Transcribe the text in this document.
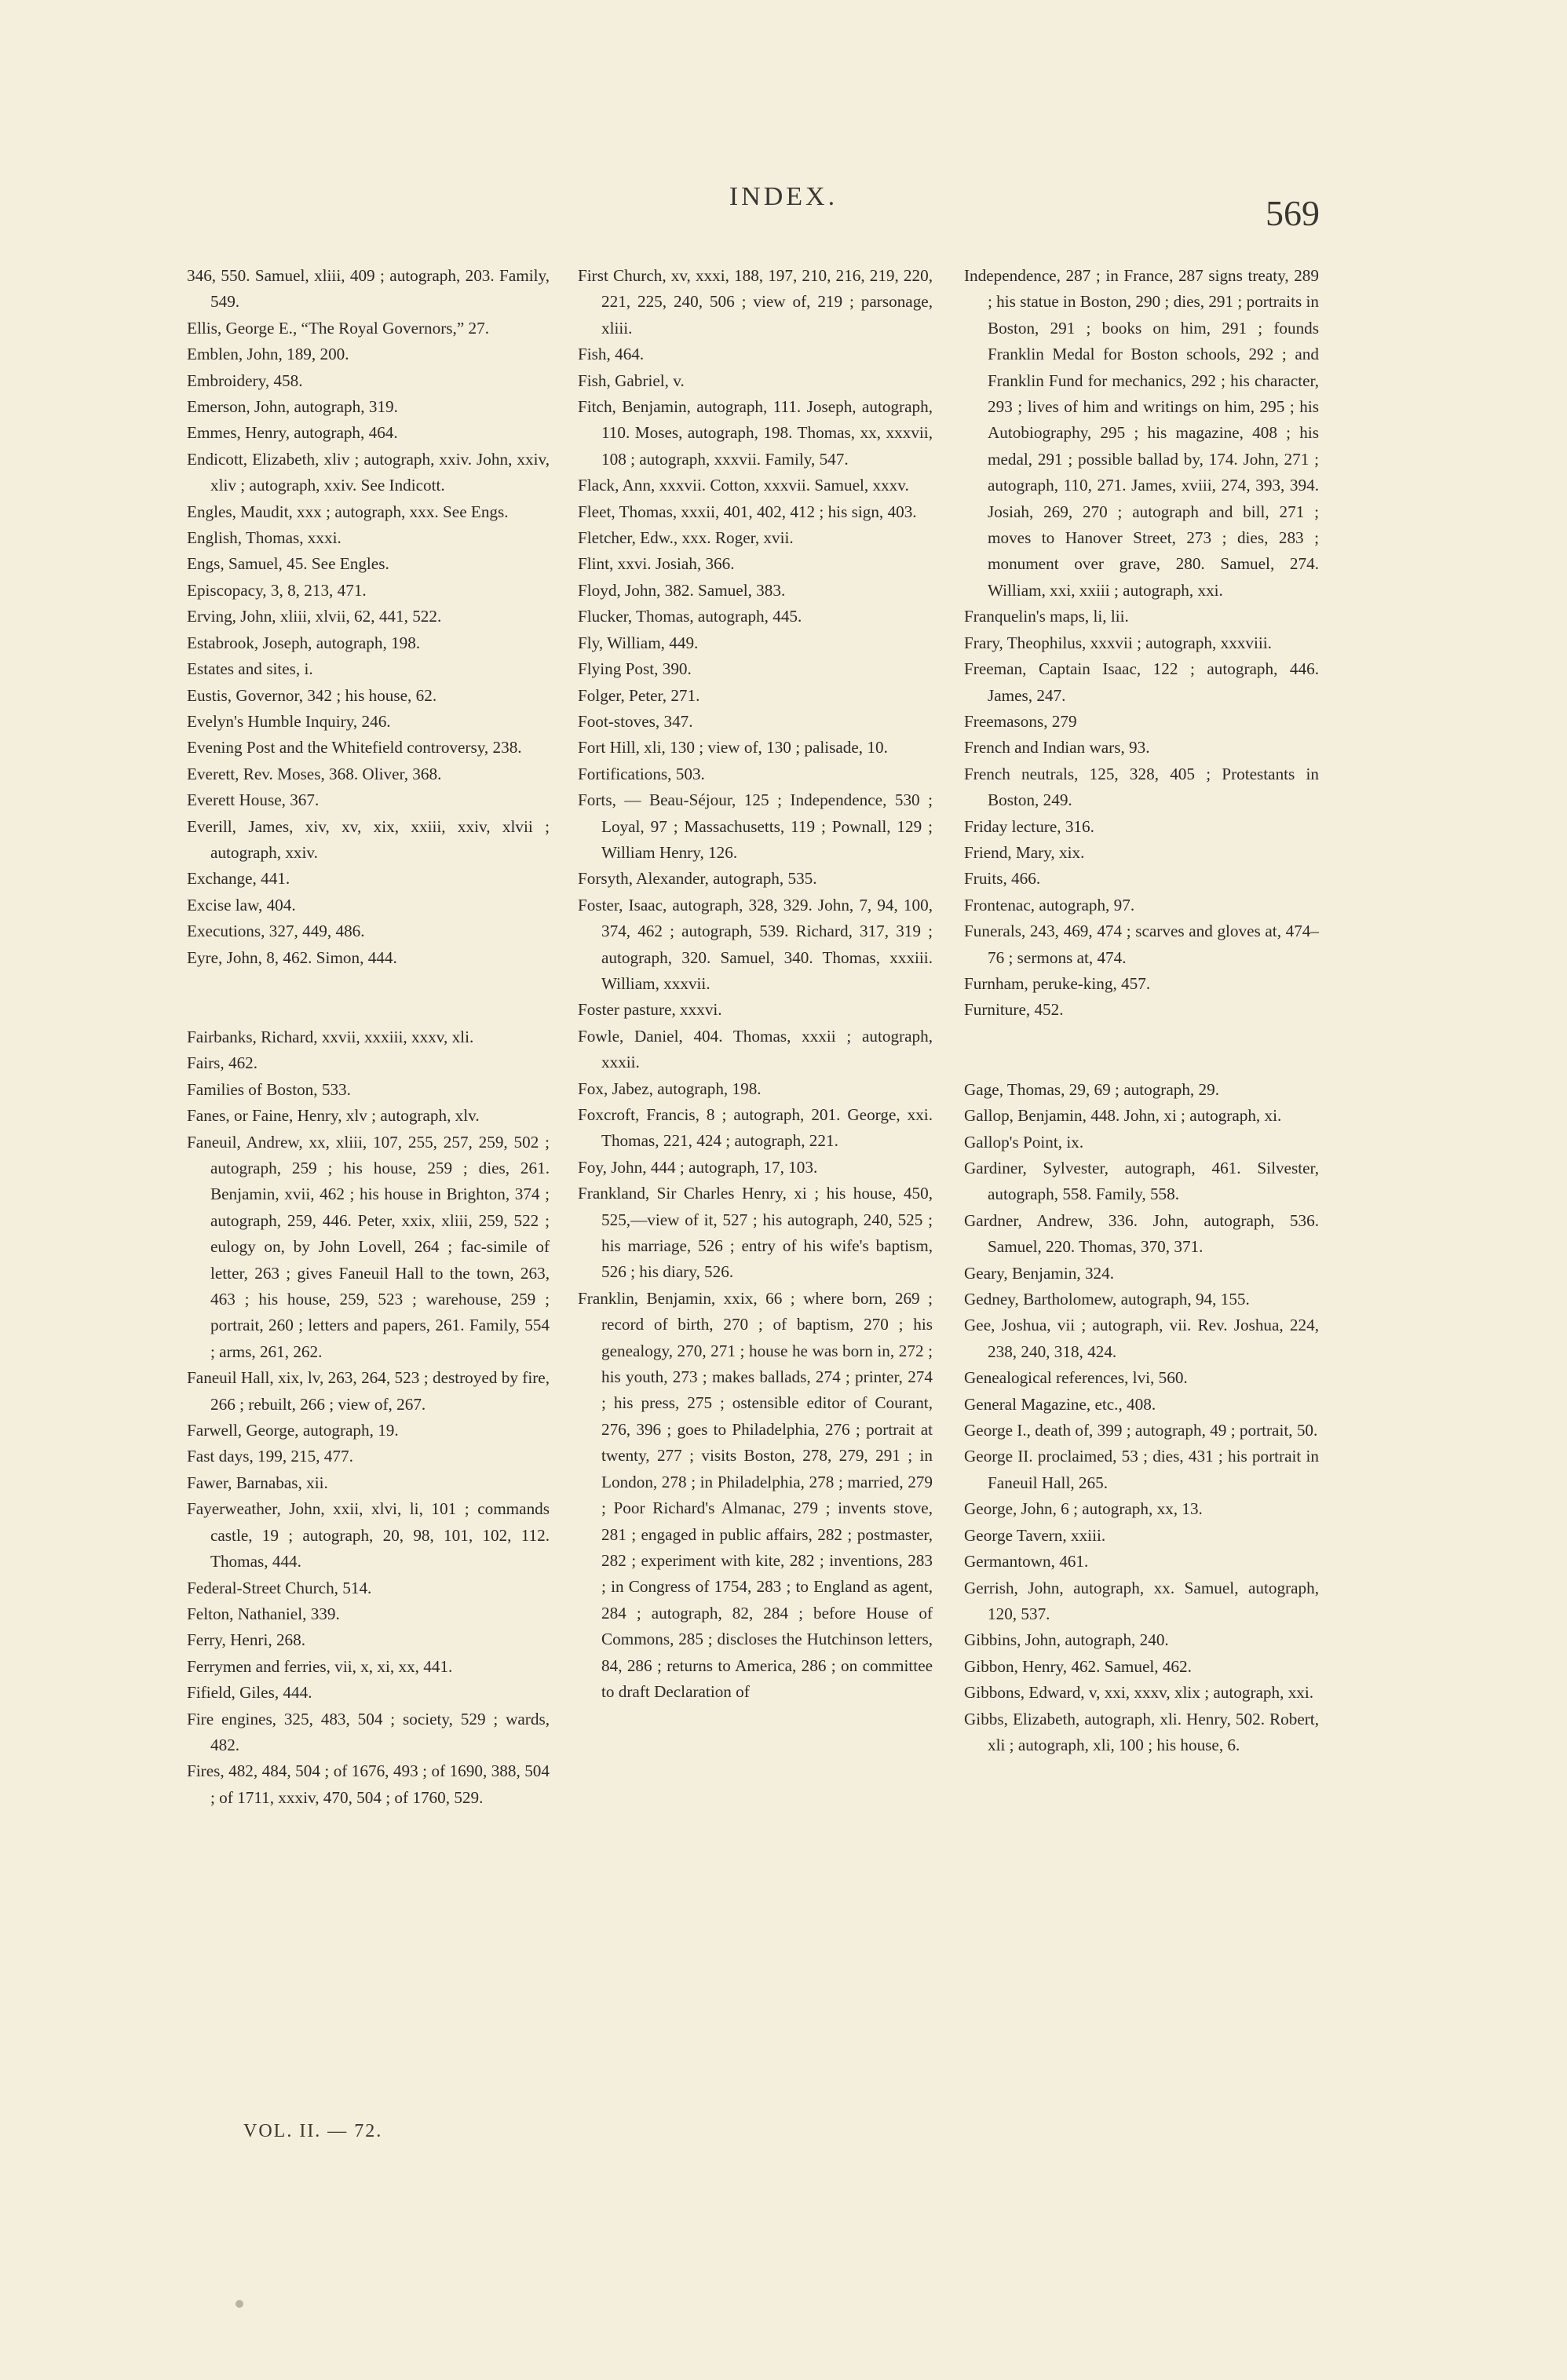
INDEX.	569
346, 550. Samuel, xliii, 409 ; autograph, 203. Family, 549.
Ellis, George E., “The Royal Governors,” 27.
Emblen, John, 189, 200.
Embroidery, 458.
Emerson, John, autograph, 319.
Emmes, Henry, autograph, 464.
Endicott, Elizabeth, xliv ; autograph, xxiv. John, xxiv, xliv ; autograph, xxiv. See Indicott.
Engles, Maudit, xxx ; autograph, xxx. See Engs.
English, Thomas, xxxi.
Engs, Samuel, 45. See Engles.
Episcopacy, 3, 8, 213, 471.
Erving, John, xliii, xlvii, 62, 441, 522.
Estabrook, Joseph, autograph, 198.
Estates and sites, i.
Eustis, Governor, 342 ; his house, 62.
Evelyn's Humble Inquiry, 246.
Evening Post and the Whitefield controversy, 238.
Everett, Rev. Moses, 368. Oliver, 368.
Everett House, 367.
Everill, James, xiv, xv, xix, xxiii, xxiv, xlvii ; autograph, xxiv.
Exchange, 441.
Excise law, 404.
Executions, 327, 449, 486.
Eyre, John, 8, 462. Simon, 444.
Fairbanks, Richard, xxvii, xxxiii, xxxv, xli.
Fairs, 462.
Families of Boston, 533.
Fanes, or Faine, Henry, xlv ; autograph, xlv.
Faneuil, Andrew, xx, xliii, 107, 255, 257, 259, 502 ; autograph, 259 ; his house, 259 ; dies, 261. Benjamin, xvii, 462 ; his house in Brighton, 374 ; autograph, 259, 446. Peter, xxix, xliii, 259, 522 ; eulogy on, by John Lovell, 264 ; fac-simile of letter, 263 ; gives Faneuil Hall to the town, 263, 463 ; his house, 259, 523 ; warehouse, 259 ; portrait, 260 ; letters and papers, 261. Family, 554 ; arms, 261, 262.
Faneuil Hall, xix, lv, 263, 264, 523 ; destroyed by fire, 266 ; rebuilt, 266 ; view of, 267.
Farwell, George, autograph, 19.
Fast days, 199, 215, 477.
Fawer, Barnabas, xii.
Fayerweather, John, xxii, xlvi, li, 101 ; commands castle, 19 ; autograph, 20, 98, 101, 102, 112. Thomas, 444.
Federal-Street Church, 514.
Felton, Nathaniel, 339.
Ferry, Henri, 268.
Ferrymen and ferries, vii, x, xi, xx, 441.
Fifield, Giles, 444.
Fire engines, 325, 483, 504 ; society, 529 ; wards, 482.
Fires, 482, 484, 504 ; of 1676, 493 ; of 1690, 388, 504 ; of 1711, xxxiv, 470, 504 ; of 1760, 529.
First Church, xv, xxxi, 188, 197, 210, 216, 219, 220, 221, 225, 240, 506 ; view of, 219 ; parsonage, xliii.
Fish, 464.
Fish, Gabriel, v.
Fitch, Benjamin, autograph, 111. Joseph, autograph, 110. Moses, autograph, 198. Thomas, xx, xxxvii, 108 ; autograph, xxxvii. Family, 547.
Flack, Ann, xxxvii. Cotton, xxxvii. Samuel, xxxv.
Fleet, Thomas, xxxii, 401, 402, 412 ; his sign, 403.
Fletcher, Edw., xxx. Roger, xvii.
Flint, xxvi. Josiah, 366.
Floyd, John, 382. Samuel, 383.
Flucker, Thomas, autograph, 445.
Fly, William, 449.
Flying Post, 390.
Folger, Peter, 271.
Foot-stoves, 347.
Fort Hill, xli, 130 ; view of, 130 ; palisade, 10.
Fortifications, 503.
Forts, — Beau-Séjour, 125 ; Independence, 530 ; Loyal, 97 ; Massachusetts, 119 ; Pownall, 129 ; William Henry, 126.
Forsyth, Alexander, autograph, 535.
Foster, Isaac, autograph, 328, 329. John, 7, 94, 100, 374, 462 ; autograph, 539. Richard, 317, 319 ; autograph, 320. Samuel, 340. Thomas, xxxiii. William, xxxvii.
Foster pasture, xxxvi.
Fowle, Daniel, 404. Thomas, xxxii ; autograph, xxxii.
Fox, Jabez, autograph, 198.
Foxcroft, Francis, 8 ; autograph, 201. George, xxi. Thomas, 221, 424 ; autograph, 221.
Foy, John, 444 ; autograph, 17, 103.
Frankland, Sir Charles Henry, xi ; his house, 450, 525,—view of it, 527 ; his autograph, 240, 525 ; his marriage, 526 ; entry of his wife's baptism, 526 ; his diary, 526.
Franklin, Benjamin, xxix, 66 ; where born, 269 ; record of birth, 270 ; of baptism, 270 ; his genealogy, 270, 271 ; house he was born in, 272 ; his youth, 273 ; makes ballads, 274 ; printer, 274 ; his press, 275 ; ostensible editor of Courant, 276, 396 ; goes to Philadelphia, 276 ; portrait at twenty, 277 ; visits Boston, 278, 279, 291 ; in London, 278 ; in Philadelphia, 278 ; married, 279 ; Poor Richard's Almanac, 279 ; invents stove, 281 ; engaged in public affairs, 282 ; postmaster, 282 ; experiment with kite, 282 ; inventions, 283 ; in Congress of 1754, 283 ; to England as agent, 284 ; autograph, 82, 284 ; before House of Commons, 285 ; discloses the Hutchinson letters, 84, 286 ; returns to America, 286 ; on committee to draft Declaration of
Independence, 287 ; in France, 287 signs treaty, 289 ; his statue in Boston, 290 ; dies, 291 ; portraits in Boston, 291 ; books on him, 291 ; founds Franklin Medal for Boston schools, 292 ; and Franklin Fund for mechanics, 292 ; his character, 293 ; lives of him and writings on him, 295 ; his Autobiography, 295 ; his magazine, 408 ; his medal, 291 ; possible ballad by, 174. John, 271 ; autograph, 110, 271. James, xviii, 274, 393, 394. Josiah, 269, 270 ; autograph and bill, 271 ; moves to Hanover Street, 273 ; dies, 283 ; monument over grave, 280. Samuel, 274. William, xxi, xxiii ; autograph, xxi.
Franquelin's maps, li, lii.
Frary, Theophilus, xxxvii ; autograph, xxxviii.
Freeman, Captain Isaac, 122 ; autograph, 446. James, 247.
Freemasons, 279
French and Indian wars, 93.
French neutrals, 125, 328, 405 ; Protestants in Boston, 249.
Friday lecture, 316.
Friend, Mary, xix.
Fruits, 466.
Frontenac, autograph, 97.
Funerals, 243, 469, 474 ; scarves and gloves at, 474–76 ; sermons at, 474.
Furnham, peruke-king, 457.
Furniture, 452.
Gage, Thomas, 29, 69 ; autograph, 29.
Gallop, Benjamin, 448. John, xi ; autograph, xi.
Gallop's Point, ix.
Gardiner, Sylvester, autograph, 461. Silvester, autograph, 558. Family, 558.
Gardner, Andrew, 336. John, autograph, 536. Samuel, 220. Thomas, 370, 371.
Geary, Benjamin, 324.
Gedney, Bartholomew, autograph, 94, 155.
Gee, Joshua, vii ; autograph, vii. Rev. Joshua, 224, 238, 240, 318, 424.
Genealogical references, lvi, 560.
General Magazine, etc., 408.
George I., death of, 399 ; autograph, 49 ; portrait, 50.
George II. proclaimed, 53 ; dies, 431 ; his portrait in Faneuil Hall, 265.
George, John, 6 ; autograph, xx, 13.
George Tavern, xxiii.
Germantown, 461.
Gerrish, John, autograph, xx. Samuel, autograph, 120, 537.
Gibbins, John, autograph, 240.
Gibbon, Henry, 462. Samuel, 462.
Gibbons, Edward, v, xxi, xxxv, xlix ; autograph, xxi.
Gibbs, Elizabeth, autograph, xli. Henry, 502. Robert, xli ; autograph, xli, 100 ; his house, 6.
VOL. II. — 72.
